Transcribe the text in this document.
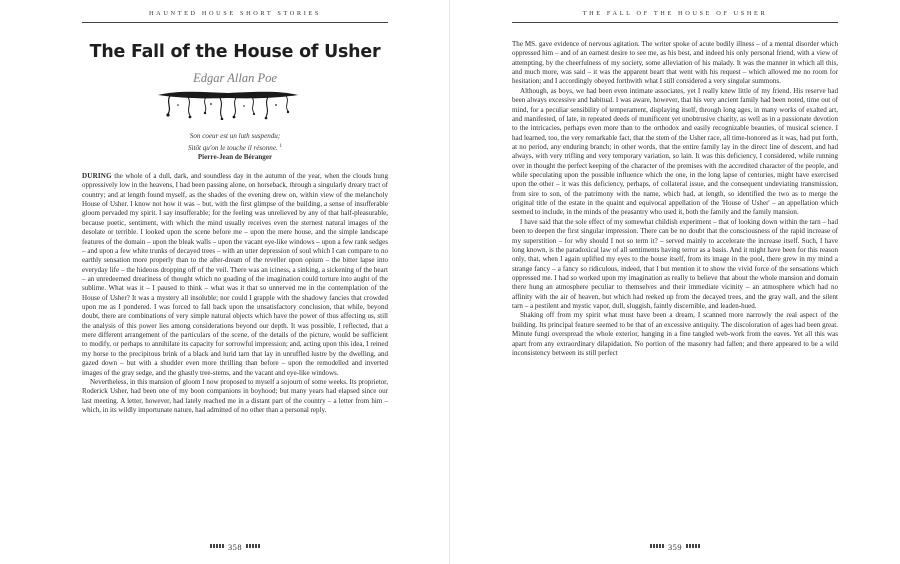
HAUNTED HOUSE SHORT STORIES
The Fall of the House of Usher
Edgar Allan Poe
Son coeur est un luth suspendu;
Sitôt qu'on le touche il résonne. $^1$
Pierre-Jean de Béranger

DURING the whole of a dull, dark, and soundless day in the autumn of the year, when the clouds hung oppressively low in the heavens, I had been passing alone, on horseback, through a singularly dreary tract of country; and at length found myself, as the shades of the evening drew on, within view of the melancholy House of Usher. I know not how it was – but, with the first glimpse of the building, a sense of insufferable gloom pervaded my spirit. I say insufferable; for the feeling was unrelieved by any of that half-pleasurable, because poetic, sentiment, with which the mind usually receives even the sternest natural images of the desolate or terrible. I looked upon the scene before me – upon the mere house, and the simple landscape features of the domain – upon the bleak walls – upon the vacant eye-like windows – upon a few rank sedges – and upon a few white trunks of decayed trees – with an utter depression of soul which I can compare to no earthly sensation more properly than to the after-dream of the reveller upon opium – the bitter lapse into everyday life – the hideous dropping off of the veil. There was an iciness, a sinking, a sickening of the heart – an unredeemed dreariness of thought which no goading of the imagination could torture into aught of the sublime. What was it – I paused to think – what was it that so unnerved me in the contemplation of the House of Usher? It was a mystery all insoluble; nor could I grapple with the shadowy fancies that crowded upon me as I pondered. I was forced to fall back upon the unsatisfactory conclusion, that while, beyond doubt, there are combinations of very simple natural objects which have the power of thus affecting us, still the analysis of this power lies among considerations beyond our depth. It was possible, I reflected, that a mere different arrangement of the particulars of the scene, of the details of the picture, would be sufficient to modify, or perhaps to annihilate its capacity for sorrowful impression; and, acting upon this idea, I reined my horse to the precipitous brink of a black and lurid tarn that lay in unruffled lustre by the dwelling, and gazed down – but with a shudder even more thrilling than before – upon the remodelled and inverted images of the gray sedge, and the ghastly tree-stems, and the vacant and eye-like windows.

Nevertheless, in this mansion of gloom I now proposed to myself a sojourn of some weeks. Its proprietor, Roderick Usher, had been one of my boon companions in boyhood; but many years had elapsed since our last meeting. A letter, however, had lately reached me in a distant part of the country – a letter from him – which, in its wildly importunate nature, had admitted of no other than a personal reply.

358
THE FALL OF THE HOUSE OF USHER

The MS. gave evidence of nervous agitation. The writer spoke of acute bodily illness – of a mental disorder which oppressed him – and of an earnest desire to see me, as his best, and indeed his only personal friend, with a view of attempting, by the cheerfulness of my society, some alleviation of his malady. It was the manner in which all this, and much more, was said – it was the apparent heart that went with his request – which allowed me no room for hesitation; and I accordingly obeyed forthwith what I still considered a very singular summons.

Although, as boys, we had been even intimate associates, yet I really knew little of my friend. His reserve had been always excessive and habitual. I was aware, however, that his very ancient family had been noted, time out of mind, for a peculiar sensibility of temperament, displaying itself, through long ages, in many works of exalted art, and manifested, of late, in repeated deeds of munificent yet unobtrusive charity, as well as in a passionate devotion to the intricacies, perhaps even more than to the orthodox and easily recognizable beauties, of musical science. I had learned, too, the very remarkable fact, that the stem of the Usher race, all time-honored as it was, had put forth, at no period, any enduring branch; in other words, that the entire family lay in the direct line of descent, and had always, with very trifling and very temporary variation, so lain. It was this deficiency, I considered, while running over in thought the perfect keeping of the character of the premises with the accredited character of the people, and while speculating upon the possible influence which the one, in the long lapse of centuries, might have exercised upon the other – it was this deficiency, perhaps, of collateral issue, and the consequent undeviating transmission, from sire to son, of the patrimony with the name, which had, at length, so identified the two as to merge the original title of the estate in the quaint and equivocal appellation of the 'House of Usher' – an appellation which seemed to include, in the minds of the peasantry who used it, both the family and the family mansion.

I have said that the sole effect of my somewhat childish experiment – that of looking down within the tarn – had been to deepen the first singular impression. There can be no doubt that the consciousness of the rapid increase of my superstition – for why should I not so term it? – served mainly to accelerate the increase itself. Such, I have long known, is the paradoxical law of all sentiments having terror as a basis. And it might have been for this reason only, that, when I again uplifted my eyes to the house itself, from its image in the pool, there grew in my mind a strange fancy – a fancy so ridiculous, indeed, that I but mention it to show the vivid force of the sensations which oppressed me. I had so worked upon my imagination as really to believe that about the whole mansion and domain there hung an atmosphere peculiar to themselves and their immediate vicinity – an atmosphere which had no affinity with the air of heaven, but which had reeked up from the decayed trees, and the gray wall, and the silent tarn – a pestilent and mystic vapor, dull, sluggish, faintly discernible, and leaden-hued.

Shaking off from my spirit what must have been a dream, I scanned more narrowly the real aspect of the building. Its principal feature seemed to be that of an excessive antiquity. The discoloration of ages had been great. Minute fungi overspread the whole exterior, hanging in a fine tangled web-work from the eaves. Yet all this was apart from any extraordinary dilapidation. No portion of the masonry had fallen; and there appeared to be a wild inconsistency between its still perfect

359
